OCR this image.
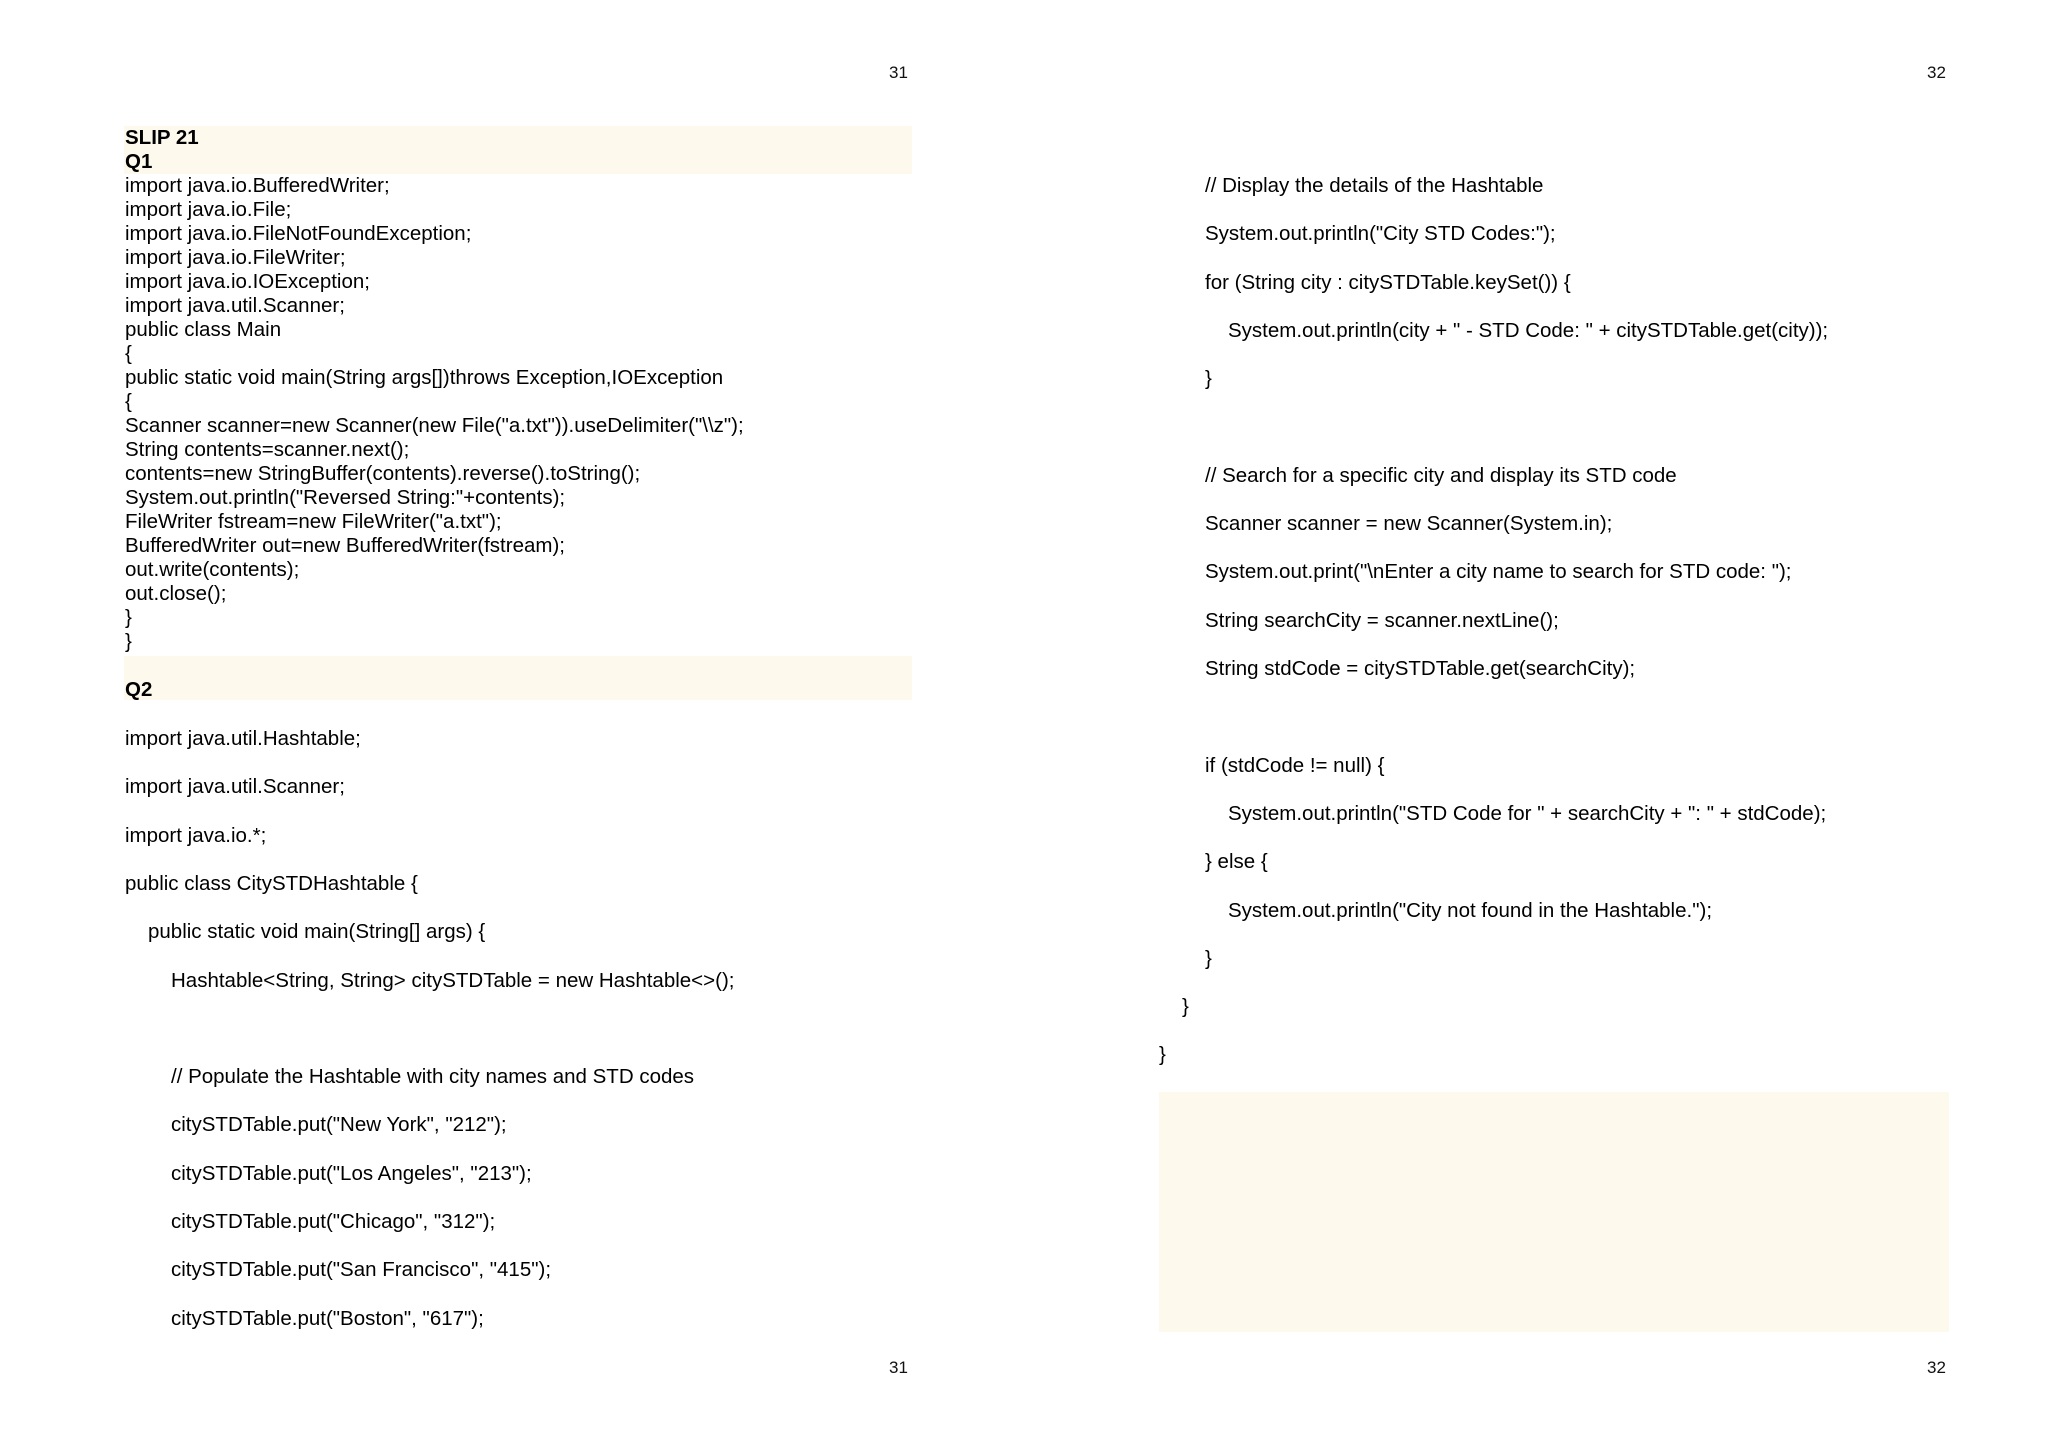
31
SLIP 21
Q1
import java.io.BufferedWriter;
import java.io.File;
import java.io.FileNotFoundException;
import java.io.FileWriter;
import java.io.IOException;
import java.util.Scanner;
public class Main
{
public static void main(String args[])throws Exception,IOException
{
Scanner scanner=new Scanner(new File("a.txt")).useDelimiter("\\z");
String contents=scanner.next();
contents=new StringBuffer(contents).reverse().toString();
System.out.println("Reversed String:"+contents);
FileWriter fstream=new FileWriter("a.txt");
BufferedWriter out=new BufferedWriter(fstream);
out.write(contents);
out.close();
}
}
Q2
import java.util.Hashtable;
import java.util.Scanner;
import java.io.*;
public class CitySTDHashtable {
public static void main(String[] args) {
Hashtable<String, String> citySTDTable = new Hashtable<>();
// Populate the Hashtable with city names and STD codes
citySTDTable.put("New York", "212");
citySTDTable.put("Los Angeles", "213");
citySTDTable.put("Chicago", "312");
citySTDTable.put("San Francisco", "415");
citySTDTable.put("Boston", "617");
31
32
// Display the details of the Hashtable
System.out.println("City STD Codes:");
for (String city : citySTDTable.keySet()) {
System.out.println(city + " - STD Code: " + citySTDTable.get(city));
}
// Search for a specific city and display its STD code
Scanner scanner = new Scanner(System.in);
System.out.print("\nEnter a city name to search for STD code: ");
String searchCity = scanner.nextLine();
String stdCode = citySTDTable.get(searchCity);
if (stdCode != null) {
System.out.println("STD Code for " + searchCity + ": " + stdCode);
} else {
System.out.println("City not found in the Hashtable.");
}
}
}
32
